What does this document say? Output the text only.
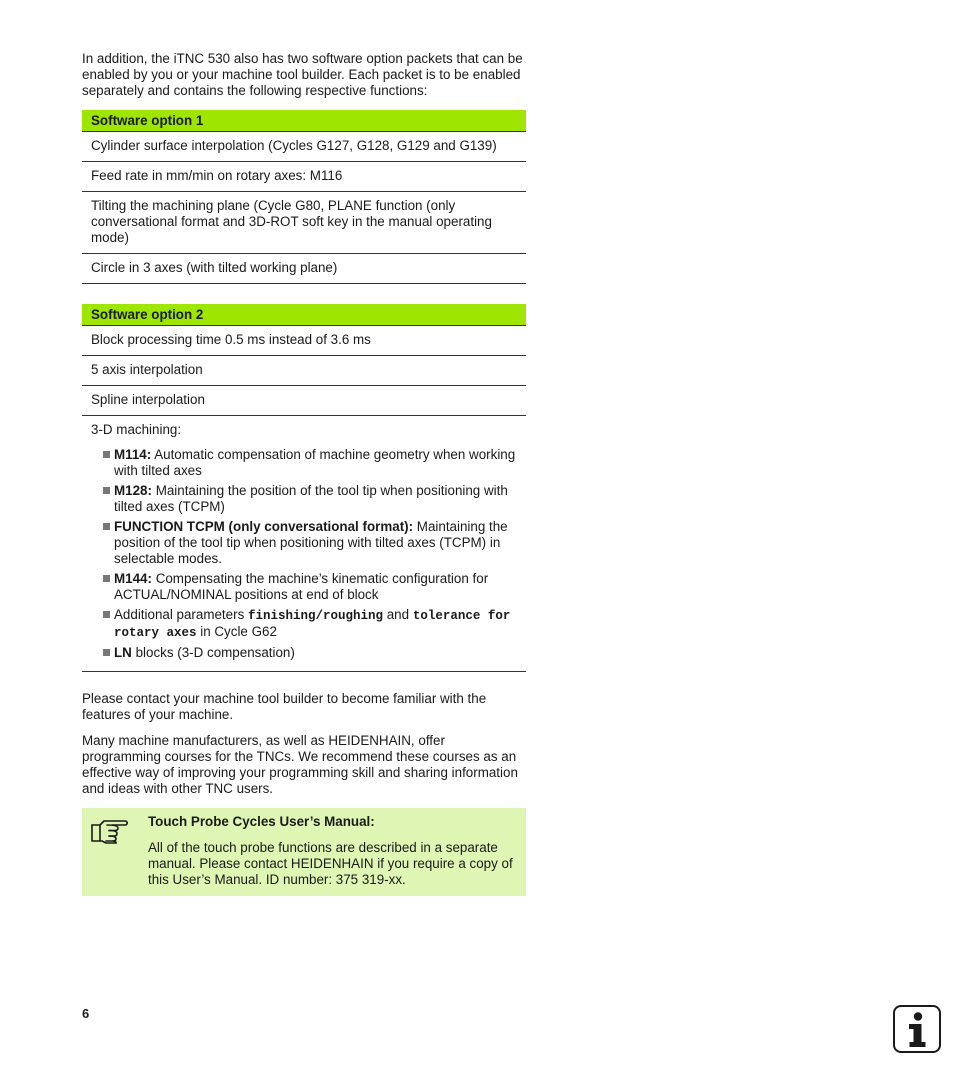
In addition, the iTNC 530 also has two software option packets that can be enabled by you or your machine tool builder. Each packet is to be enabled separately and contains the following respective functions:

Software option 1
Cylinder surface interpolation (Cycles G127, G128, G129 and G139)
Feed rate in mm/min on rotary axes: M116
Tilting the machining plane (Cycle G80, PLANE function (only conversational format and 3D-ROT soft key in the manual operating mode)
Circle in 3 axes (with tilted working plane)
Software option 2
Block processing time 0.5 ms instead of 3.6 ms
5 axis interpolation
Spline interpolation
3-D machining:
M114: Automatic compensation of machine geometry when working with tilted axes
M128: Maintaining the position of the tool tip when positioning with tilted axes (TCPM)
FUNCTION TCPM (only conversational format): Maintaining the position of the tool tip when positioning with tilted axes (TCPM) in selectable modes.
M144: Compensating the machine’s kinematic configuration for ACTUAL/NOMINAL positions at end of block
Additional parameters finishing/roughing and tolerance for rotary axes in Cycle G62
LN blocks (3-D compensation)

Please contact your machine tool builder to become familiar with the features of your machine.

Many machine manufacturers, as well as HEIDENHAIN, offer programming courses for the TNCs. We recommend these courses as an effective way of improving your programming skill and sharing information and ideas with other TNC users.

Touch Probe Cycles User’s Manual:
All of the touch probe functions are described in a separate manual. Please contact HEIDENHAIN if you require a copy of this User’s Manual. ID number: 375 319-xx.
6
